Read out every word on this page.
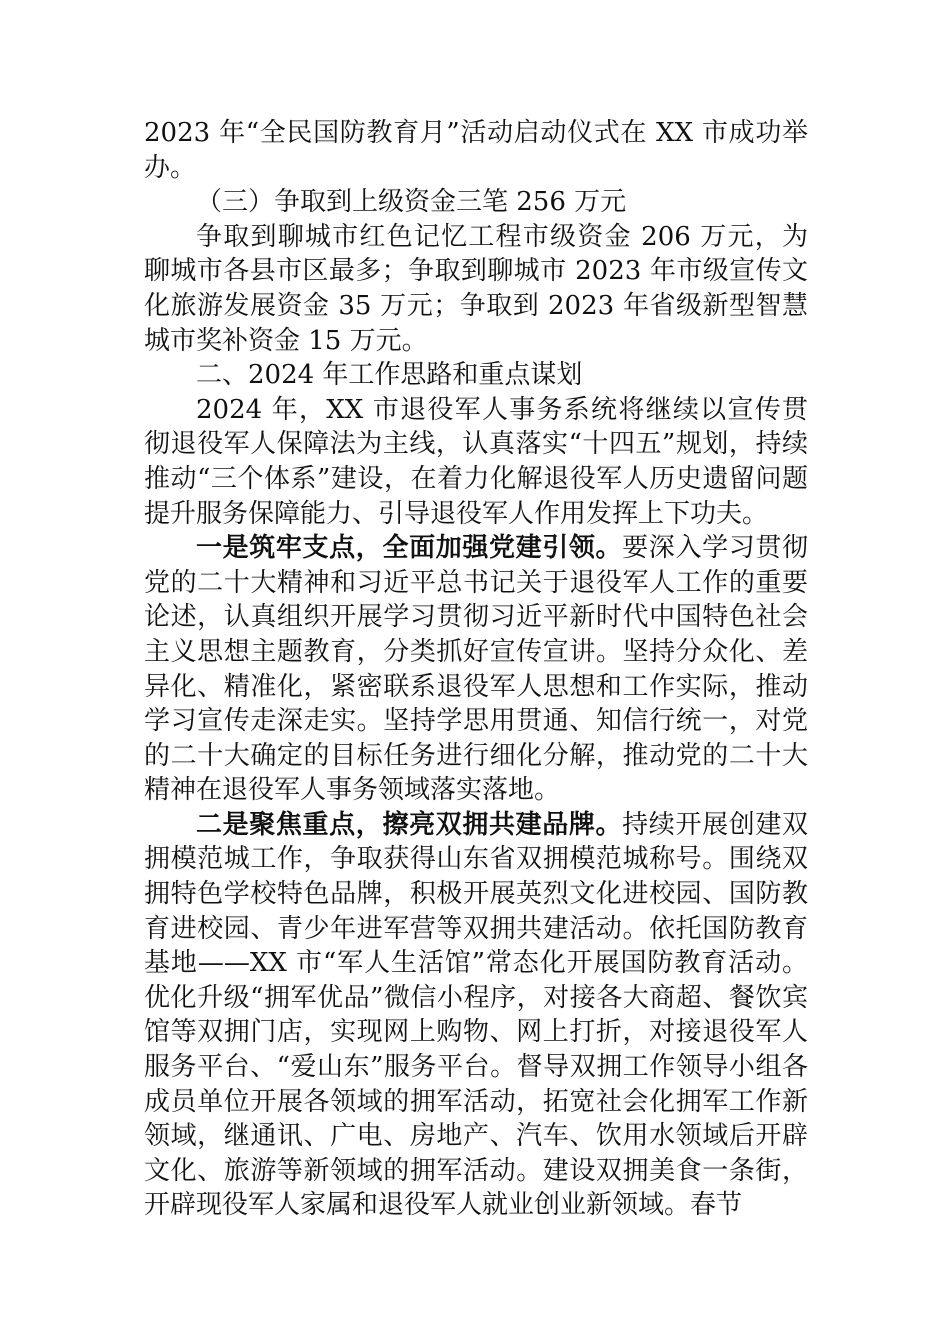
2023 年“全民国防教育月”活动启动仪式在 XX 市成功举办。

（三）争取到上级资金三笔 256 万元

争取到聊城市红色记忆工程市级资金 206 万元，为聊城市各县市区最多；争取到聊城市 2023 年市级宣传文化旅游发展资金 35 万元；争取到 2023 年省级新型智慧城市奖补资金 15 万元。

二、2024 年工作思路和重点谋划

2024 年，XX 市退役军人事务系统将继续以宣传贯彻退役军人保障法为主线，认真落实“十四五”规划，持续推动“三个体系”建设，在着力化解退役军人历史遗留问题提升服务保障能力、引导退役军人作用发挥上下功夫。

一是筑牢支点，全面加强党建引领。要深入学习贯彻党的二十大精神和习近平总书记关于退役军人工作的重要论述，认真组织开展学习贯彻习近平新时代中国特色社会主义思想主题教育，分类抓好宣传宣讲。坚持分众化、差异化、精准化，紧密联系退役军人思想和工作实际，推动学习宣传走深走实。坚持学思用贯通、知信行统一，对党的二十大确定的目标任务进行细化分解，推动党的二十大精神在退役军人事务领域落实落地。

二是聚焦重点，擦亮双拥共建品牌。持续开展创建双拥模范城工作，争取获得山东省双拥模范城称号。围绕双拥特色学校特色品牌，积极开展英烈文化进校园、国防教育进校园、青少年进军营等双拥共建活动。依托国防教育基地——XX 市“军人生活馆”常态化开展国防教育活动。优化升级“拥军优品”微信小程序，对接各大商超、餐饮宾馆等双拥门店，实现网上购物、网上打折，对接退役军人服务平台、“爱山东”服务平台。督导双拥工作领导小组各成员单位开展各领域的拥军活动，拓宽社会化拥军工作新领域，继通讯、广电、房地产、汽车、饮用水领域后开辟文化、旅游等新领域的拥军活动。建设双拥美食一条街，开辟现役军人家属和退役军人就业创业新领域。春节
